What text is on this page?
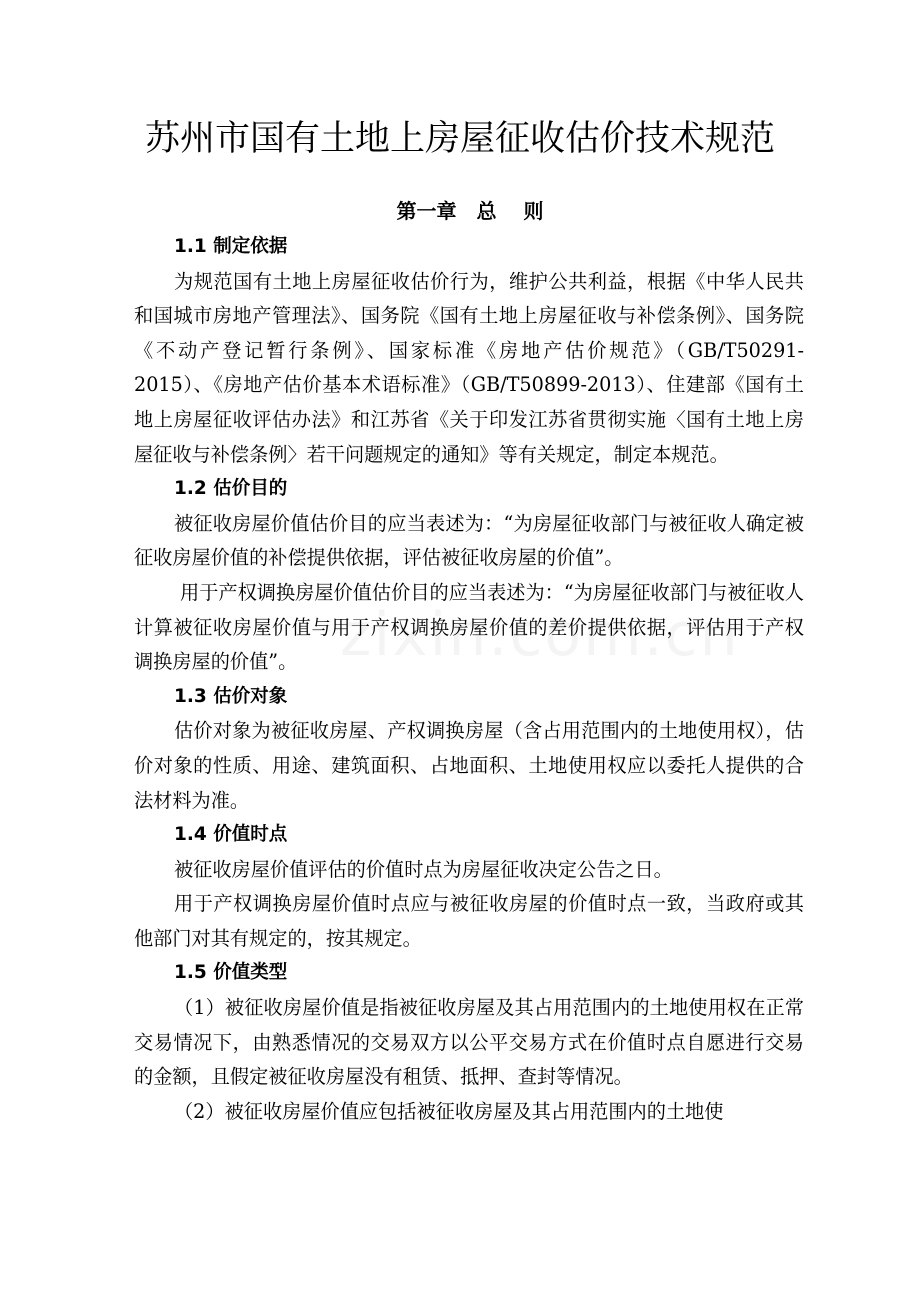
苏州市国有土地上房屋征收估价技术规范
第一章　总　 则

1.1 制定依据

为规范国有土地上房屋征收估价行为，维护公共利益，根据《中华人民共和国城市房地产管理法》、国务院《国有土地上房屋征收与补偿条例》、国务院《不动产登记暂行条例》、国家标准《房地产估价规范》（GB/T50291-2015）、《房地产估价基本术语标准》（GB/T50899-2013）、住建部《国有土地上房屋征收评估办法》和江苏省《关于印发江苏省贯彻实施〈国有土地上房屋征收与补偿条例〉若干问题规定的通知》等有关规定，制定本规范。

1.2 估价目的

被征收房屋价值估价目的应当表述为：“为房屋征收部门与被征收人确定被征收房屋价值的补偿提供依据，评估被征收房屋的价值”。

用于产权调换房屋价值估价目的应当表述为：“为房屋征收部门与被征收人计算被征收房屋价值与用于产权调换房屋价值的差价提供依据，评估用于产权调换房屋的价值”。

1.3 估价对象

估价对象为被征收房屋、产权调换房屋（含占用范围内的土地使用权），估价对象的性质、用途、建筑面积、占地面积、土地使用权应以委托人提供的合法材料为准。

1.4 价值时点

被征收房屋价值评估的价值时点为房屋征收决定公告之日。

用于产权调换房屋价值时点应与被征收房屋的价值时点一致，当政府或其他部门对其有规定的，按其规定。

1.5 价值类型

（1）被征收房屋价值是指被征收房屋及其占用范围内的土地使用权在正常交易情况下，由熟悉情况的交易双方以公平交易方式在价值时点自愿进行交易的金额，且假定被征收房屋没有租赁、抵押、查封等情况。

（2）被征收房屋价值应包括被征收房屋及其占用范围内的土地使
